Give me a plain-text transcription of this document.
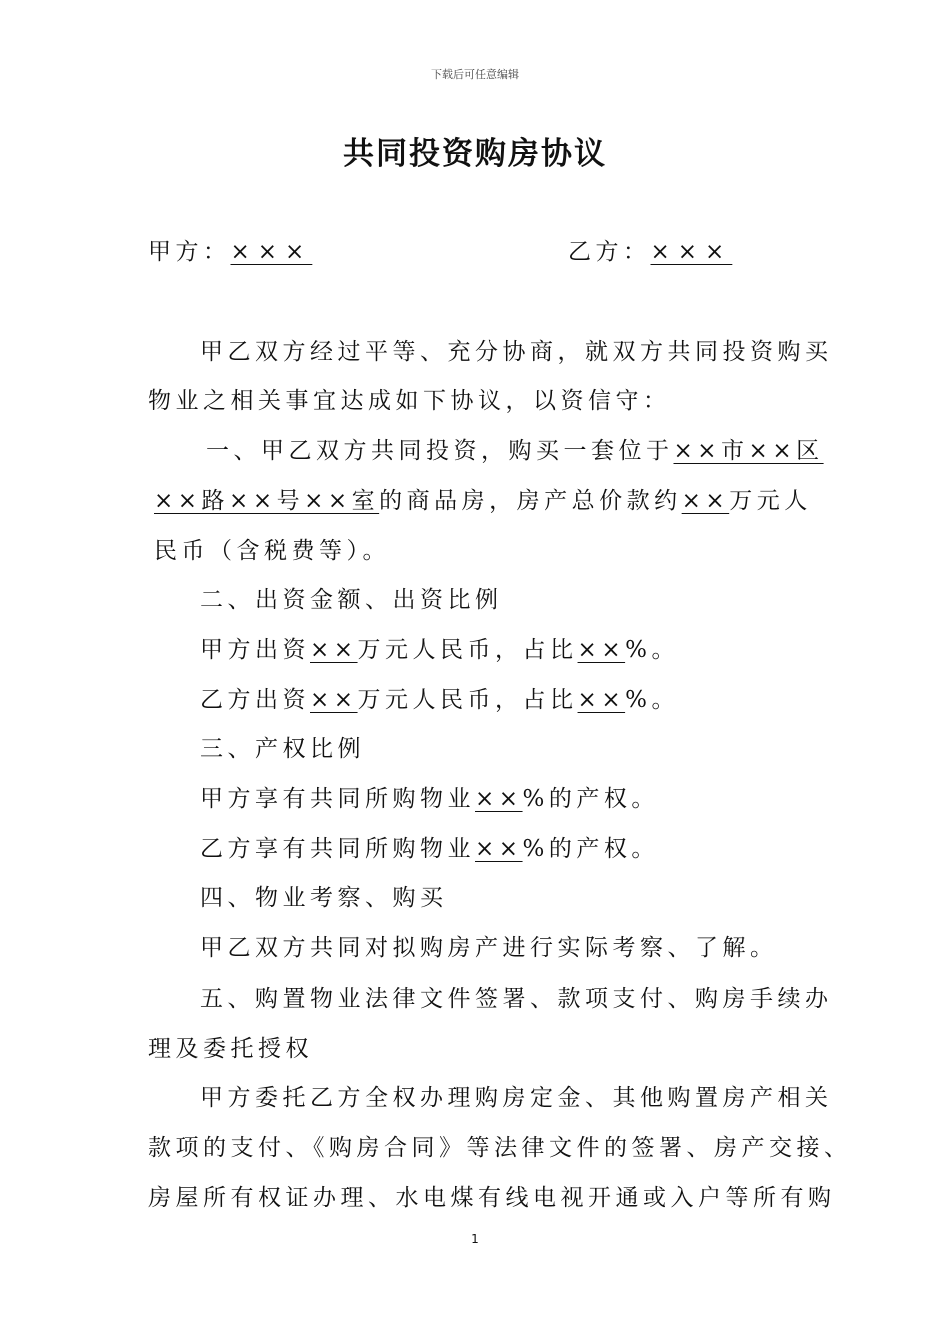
下载后可任意编辑
共同投资购房协议
甲方：×××	乙方：×××
甲乙双方经过平等、充分协商，就双方共同投资购买
物业之相关事宜达成如下协议，以资信守：
一、甲乙双方共同投资，购买一套位于××市××区
××路××号××室的商品房，房产总价款约××万元人
民币（含税费等）。
二、出资金额、出资比例
甲方出资××万元人民币，占比××%。
乙方出资××万元人民币，占比××%。
三、产权比例
甲方享有共同所购物业××%的产权。
乙方享有共同所购物业××%的产权。
四、物业考察、购买
甲乙双方共同对拟购房产进行实际考察、了解。
五、购置物业法律文件签署、款项支付、购房手续办
理及委托授权
甲方委托乙方全权办理购房定金、其他购置房产相关
款项的支付、《购房合同》等法律文件的签署、房产交接、
房屋所有权证办理、水电煤有线电视开通或入户等所有购
1
